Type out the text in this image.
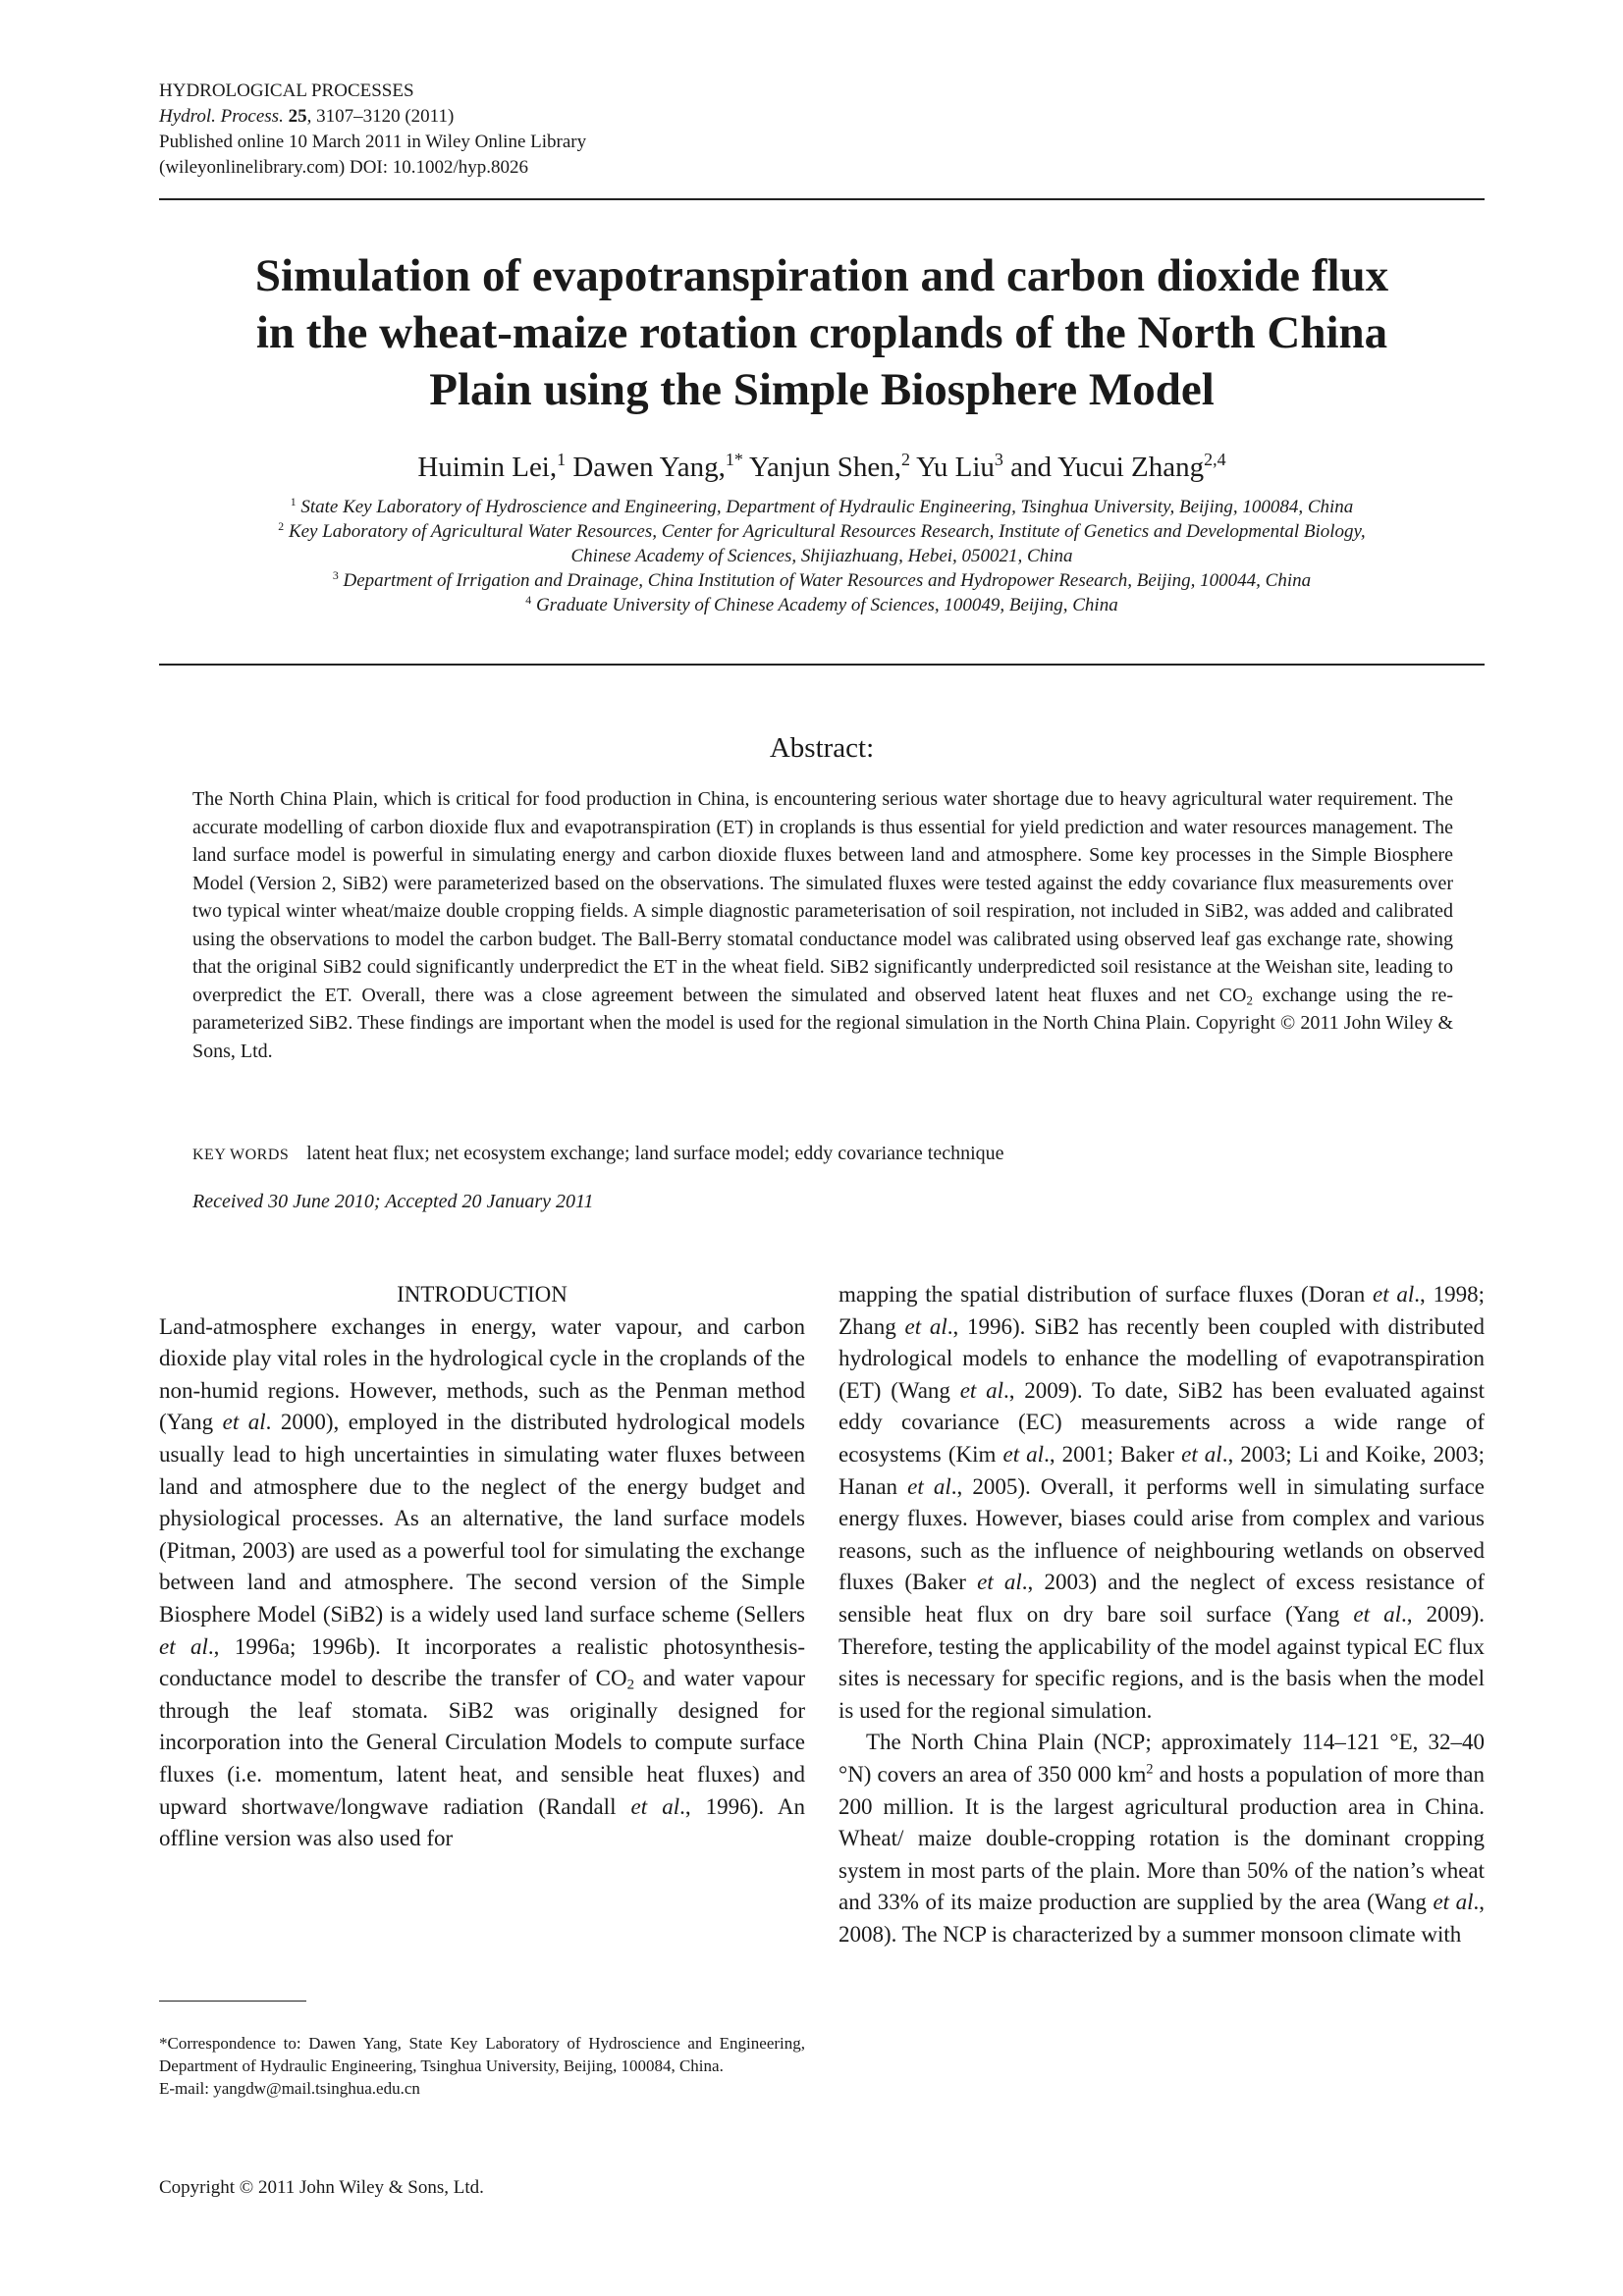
HYDROLOGICAL PROCESSES
Hydrol. Process. 25, 3107–3120 (2011)
Published online 10 March 2011 in Wiley Online Library
(wileyonlinelibrary.com) DOI: 10.1002/hyp.8026
Simulation of evapotranspiration and carbon dioxide flux
in the wheat-maize rotation croplands of the North China
Plain using the Simple Biosphere Model
Huimin Lei,$^1$ Dawen Yang,$^{1*}$ Yanjun Shen,$^2$ Yu Liu$^3$ and Yucui Zhang$^{2,4}$
$^1$ State Key Laboratory of Hydroscience and Engineering, Department of Hydraulic Engineering, Tsinghua University, Beijing, 100084, China
$^2$ Key Laboratory of Agricultural Water Resources, Center for Agricultural Resources Research, Institute of Genetics and Developmental Biology,
Chinese Academy of Sciences, Shijiazhuang, Hebei, 050021, China
$^3$ Department of Irrigation and Drainage, China Institution of Water Resources and Hydropower Research, Beijing, 100044, China
$^4$ Graduate University of Chinese Academy of Sciences, 100049, Beijing, China
Abstract:
The North China Plain, which is critical for food production in China, is encountering serious water shortage due to heavy agricultural water requirement. The accurate modelling of carbon dioxide flux and evapotranspiration (ET) in croplands is thus essential for yield prediction and water resources management. The land surface model is powerful in simulating energy and carbon dioxide fluxes between land and atmosphere. Some key processes in the Simple Biosphere Model (Version 2, SiB2) were parameterized based on the observations. The simulated fluxes were tested against the eddy covariance flux measurements over two typical winter wheat/maize double cropping fields. A simple diagnostic parameterisation of soil respiration, not included in SiB2, was added and calibrated using the observations to model the carbon budget. The Ball-Berry stomatal conductance model was calibrated using observed leaf gas exchange rate, showing that the original SiB2 could significantly underpredict the ET in the wheat field. SiB2 significantly underpredicted soil resistance at the Weishan site, leading to overpredict the ET. Overall, there was a close agreement between the simulated and observed latent heat fluxes and net $CO_2$ exchange using the re-parameterized SiB2. These findings are important when the model is used for the regional simulation in the North China Plain. Copyright © 2011 John Wiley & Sons, Ltd.
KEY WORDS latent heat flux; net ecosystem exchange; land surface model; eddy covariance technique
Received 30 June 2010; Accepted 20 January 2011

INTRODUCTION

Land-atmosphere exchanges in energy, water vapour, and carbon dioxide play vital roles in the hydrological cycle in the croplands of the non-humid regions. However, methods, such as the Penman method (Yang et al. 2000), employed in the distributed hydrological models usually lead to high uncertainties in simulating water fluxes between land and atmosphere due to the neglect of the energy budget and physiological processes. As an alternative, the land surface models (Pitman, 2003) are used as a powerful tool for simulating the exchange between land and atmosphere. The second version of the Simple Biosphere Model (SiB2) is a widely used land surface scheme (Sellers et al., 1996a; 1996b). It incorporates a realistic photosynthesis-conductance model to describe the transfer of $CO_2$ and water vapour through the leaf stomata. SiB2 was originally designed for incorporation into the General Circulation Models to compute surface fluxes (i.e. momentum, latent heat, and sensible heat fluxes) and upward shortwave/longwave radiation (Randall et al., 1996). An offline version was also used for

mapping the spatial distribution of surface fluxes (Doran et al., 1998; Zhang et al., 1996). SiB2 has recently been coupled with distributed hydrological models to enhance the modelling of evapotranspiration (ET) (Wang et al., 2009). To date, SiB2 has been evaluated against eddy covariance (EC) measurements across a wide range of ecosystems (Kim et al., 2001; Baker et al., 2003; Li and Koike, 2003; Hanan et al., 2005). Overall, it performs well in simulating surface energy fluxes. However, biases could arise from complex and various reasons, such as the influence of neighbouring wetlands on observed fluxes (Baker et al., 2003) and the neglect of excess resistance of sensible heat flux on dry bare soil surface (Yang et al., 2009). Therefore, testing the applicability of the model against typical EC flux sites is necessary for specific regions, and is the basis when the model is used for the regional simulation.

The North China Plain (NCP; approximately 114–121 °E, 32–40 °N) covers an area of 350 000 $km^2$ and hosts a population of more than 200 million. It is the largest agricultural production area in China. Wheat/ maize double-cropping rotation is the dominant cropping system in most parts of the plain. More than 50% of the nation’s wheat and 33% of its maize production are supplied by the area (Wang et al., 2008). The NCP is characterized by a summer monsoon climate with

*Correspondence to: Dawen Yang, State Key Laboratory of Hydroscience and Engineering, Department of Hydraulic Engineering, Tsinghua University, Beijing, 100084, China.
E-mail: yangdw@mail.tsinghua.edu.cn
Copyright © 2011 John Wiley & Sons, Ltd.
